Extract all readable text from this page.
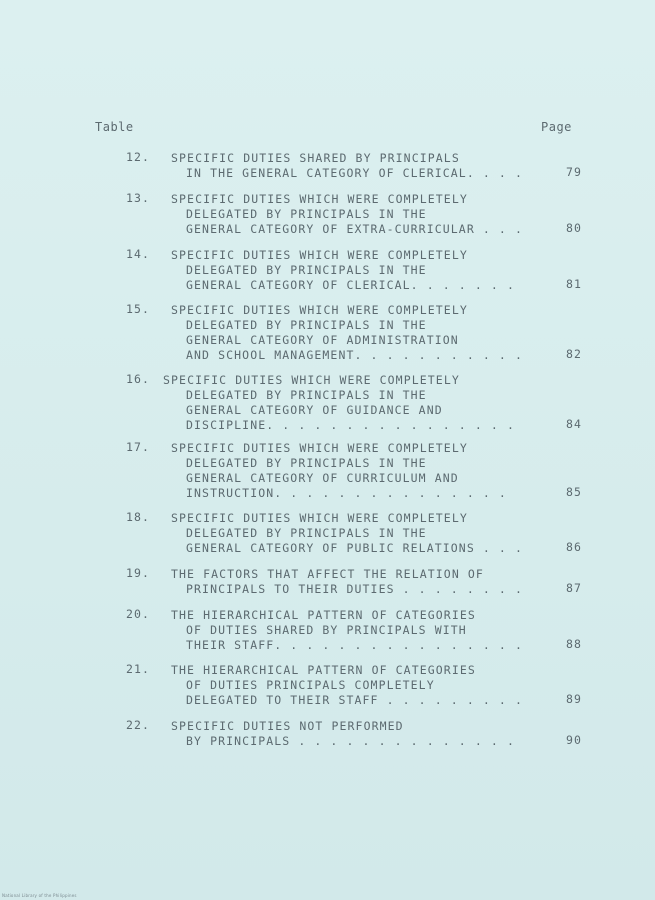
Table	Page
12.	SPECIFIC DUTIES SHARED BY PRINCIPALS
IN THE GENERAL CATEGORY OF CLERICAL. . . .	79
13.	SPECIFIC DUTIES WHICH WERE COMPLETELY
DELEGATED BY PRINCIPALS IN THE
GENERAL CATEGORY OF EXTRA-CURRICULAR . . .	80
14.	SPECIFIC DUTIES WHICH WERE COMPLETELY
DELEGATED BY PRINCIPALS IN THE
GENERAL CATEGORY OF CLERICAL. . . . . . .	81
15.	SPECIFIC DUTIES WHICH WERE COMPLETELY
DELEGATED BY PRINCIPALS IN THE
GENERAL CATEGORY OF ADMINISTRATION
AND SCHOOL MANAGEMENT. . . . . . . . . . .	82
16.	SPECIFIC DUTIES WHICH WERE COMPLETELY
DELEGATED BY PRINCIPALS IN THE
GENERAL CATEGORY OF GUIDANCE AND
DISCIPLINE. . . . . . . . . . . . . . . .	84
17.	SPECIFIC DUTIES WHICH WERE COMPLETELY
DELEGATED BY PRINCIPALS IN THE
GENERAL CATEGORY OF CURRICULUM AND
INSTRUCTION. . . . . . . . . . . . . . .	85
18.	SPECIFIC DUTIES WHICH WERE COMPLETELY
DELEGATED BY PRINCIPALS IN THE
GENERAL CATEGORY OF PUBLIC RELATIONS . . .	86
19.	THE FACTORS THAT AFFECT THE RELATION OF
PRINCIPALS TO THEIR DUTIES . . . . . . . .	87
20.	THE HIERARCHICAL PATTERN OF CATEGORIES
OF DUTIES SHARED BY PRINCIPALS WITH
THEIR STAFF. . . . . . . . . . . . . . . .	88
21.	THE HIERARCHICAL PATTERN OF CATEGORIES
OF DUTIES PRINCIPALS COMPLETELY
DELEGATED TO THEIR STAFF . . . . . . . . .	89
22.	SPECIFIC DUTIES NOT PERFORMED
BY PRINCIPALS . . . . . . . . . . . . . .	90
National Library of the Philippines
